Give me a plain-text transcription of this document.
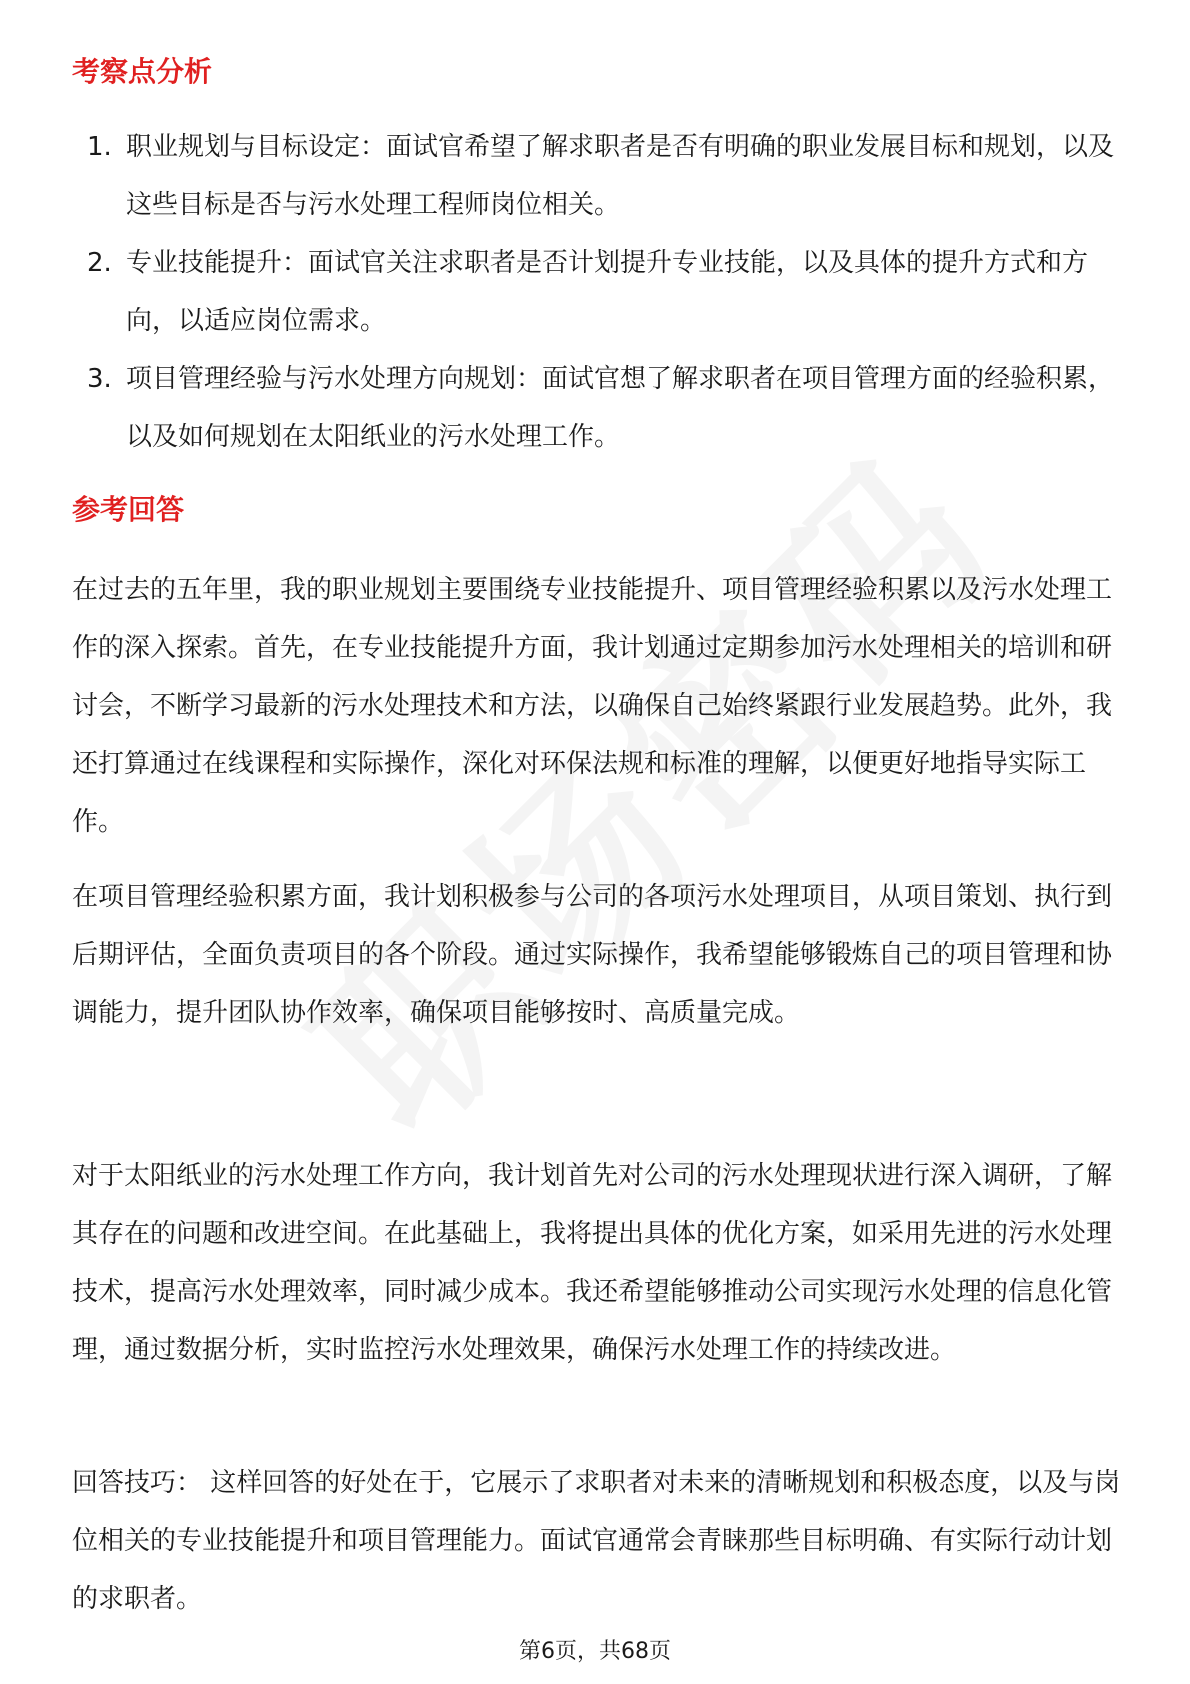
考察点分析
1. 职业规划与目标设定：面试官希望了解求职者是否有明确的职业发展目标和规划，以及这些目标是否与污水处理工程师岗位相关。
2. 专业技能提升：面试官关注求职者是否计划提升专业技能，以及具体的提升方式和方向，以适应岗位需求。
3. 项目管理经验与污水处理方向规划：面试官想了解求职者在项目管理方面的经验积累，以及如何规划在太阳纸业的污水处理工作。
参考回答

在过去的五年里，我的职业规划主要围绕专业技能提升、项目管理经验积累以及污水处理工作的深入探索。首先，在专业技能提升方面，我计划通过定期参加污水处理相关的培训和研讨会，不断学习最新的污水处理技术和方法，以确保自己始终紧跟行业发展趋势。此外，我还打算通过在线课程和实际操作，深化对环保法规和标准的理解，以便更好地指导实际工作。

在项目管理经验积累方面，我计划积极参与公司的各项污水处理项目，从项目策划、执行到后期评估，全面负责项目的各个阶段。通过实际操作，我希望能够锻炼自己的项目管理和协调能力，提升团队协作效率，确保项目能够按时、高质量完成。

对于太阳纸业的污水处理工作方向，我计划首先对公司的污水处理现状进行深入调研，了解其存在的问题和改进空间。在此基础上，我将提出具体的优化方案，如采用先进的污水处理技术，提高污水处理效率，同时减少成本。我还希望能够推动公司实现污水处理的信息化管理，通过数据分析，实时监控污水处理效果，确保污水处理工作的持续改进。

回答技巧： 这样回答的好处在于，它展示了求职者对未来的清晰规划和积极态度，以及与岗位相关的专业技能提升和项目管理能力。面试官通常会青睐那些目标明确、有实际行动计划的求职者。

第6页，共68页
